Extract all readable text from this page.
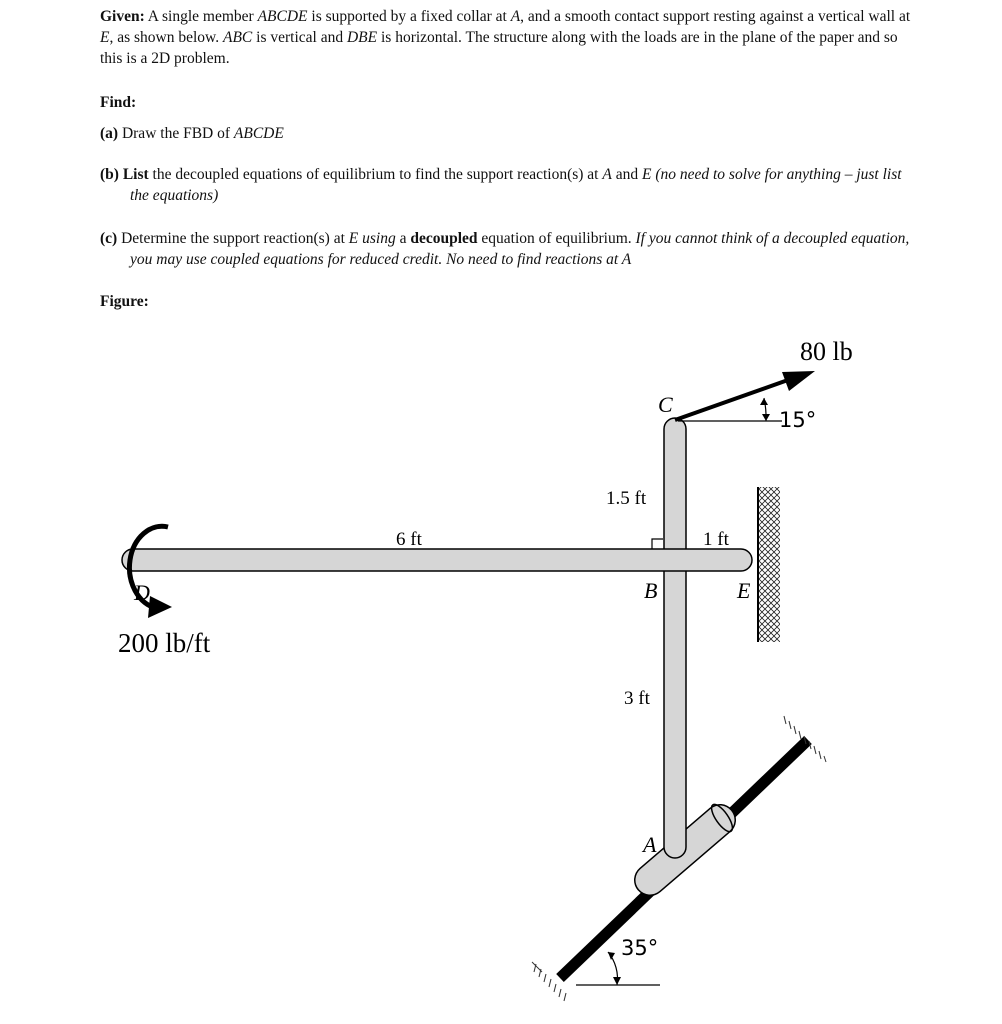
Given: A single member ABCDE is supported by a fixed collar at A, and a smooth contact support resting against a vertical wall at E, as shown below. ABC is vertical and DBE is horizontal. The structure along with the loads are in the plane of the paper and so this is a 2D problem.
Find:
(a) Draw the FBD of ABCDE
(b) List the decoupled equations of equilibrium to find the support reaction(s) at A and E (no need to solve for anything – just list the equations)
(c) Determine the support reaction(s) at E using a decoupled equation of equilibrium. If you cannot think of a decoupled equation, you may use coupled equations for reduced credit. No need to find reactions at A
Figure:
80 lb
15°
C
1.5 ft
6 ft	1 ft
B	E
D
200 lb/ft
3 ft
A
35°
